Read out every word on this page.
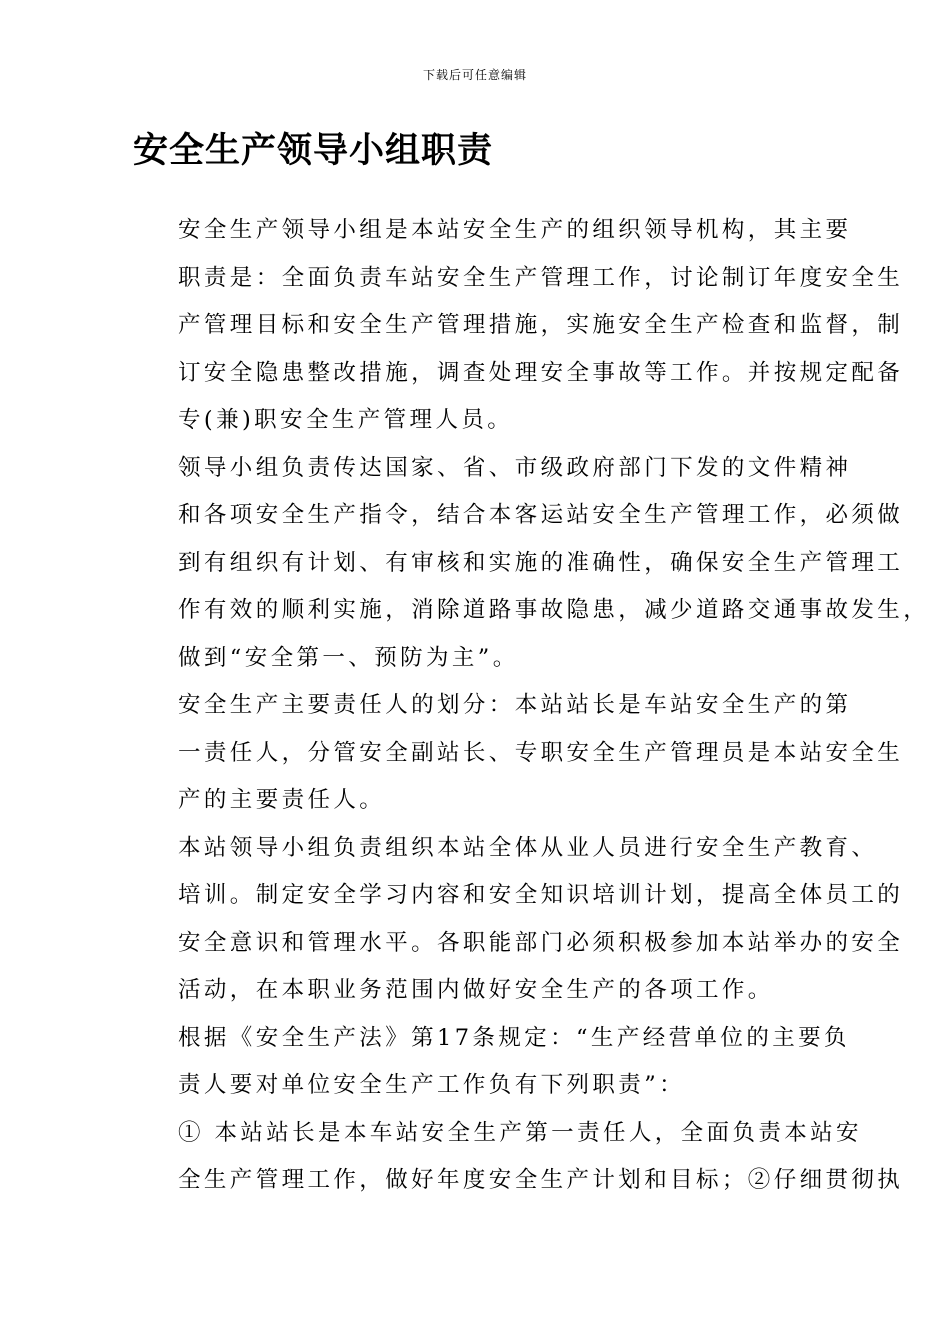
下载后可任意编辑
安全生产领导小组职责

安全生产领导小组是本站安全生产的组织领导机构，其主要
职责是：全面负责车站安全生产管理工作，讨论制订年度安全生
产管理目标和安全生产管理措施，实施安全生产检查和监督，制
订安全隐患整改措施，调查处理安全事故等工作。并按规定配备
专(兼)职安全生产管理人员。

领导小组负责传达国家、省、市级政府部门下发的文件精神
和各项安全生产指令，结合本客运站安全生产管理工作，必须做
到有组织有计划、有审核和实施的准确性，确保安全生产管理工
作有效的顺利实施，消除道路事故隐患，减少道路交通事故发生，
做到“安全第一、预防为主”。

安全生产主要责任人的划分：本站站长是车站安全生产的第
一责任人，分管安全副站长、专职安全生产管理员是本站安全生
产的主要责任人。

本站领导小组负责组织本站全体从业人员进行安全生产教育、
培训。制定安全学习内容和安全知识培训计划，提高全体员工的
安全意识和管理水平。各职能部门必须积极参加本站举办的安全
活动，在本职业务范围内做好安全生产的各项工作。

根据《安全生产法》第17条规定：“生产经营单位的主要负
责人要对单位安全生产工作负有下列职责”：

① 本站站长是本车站安全生产第一责任人，全面负责本站安
全生产管理工作，做好年度安全生产计划和目标；②仔细贯彻执
